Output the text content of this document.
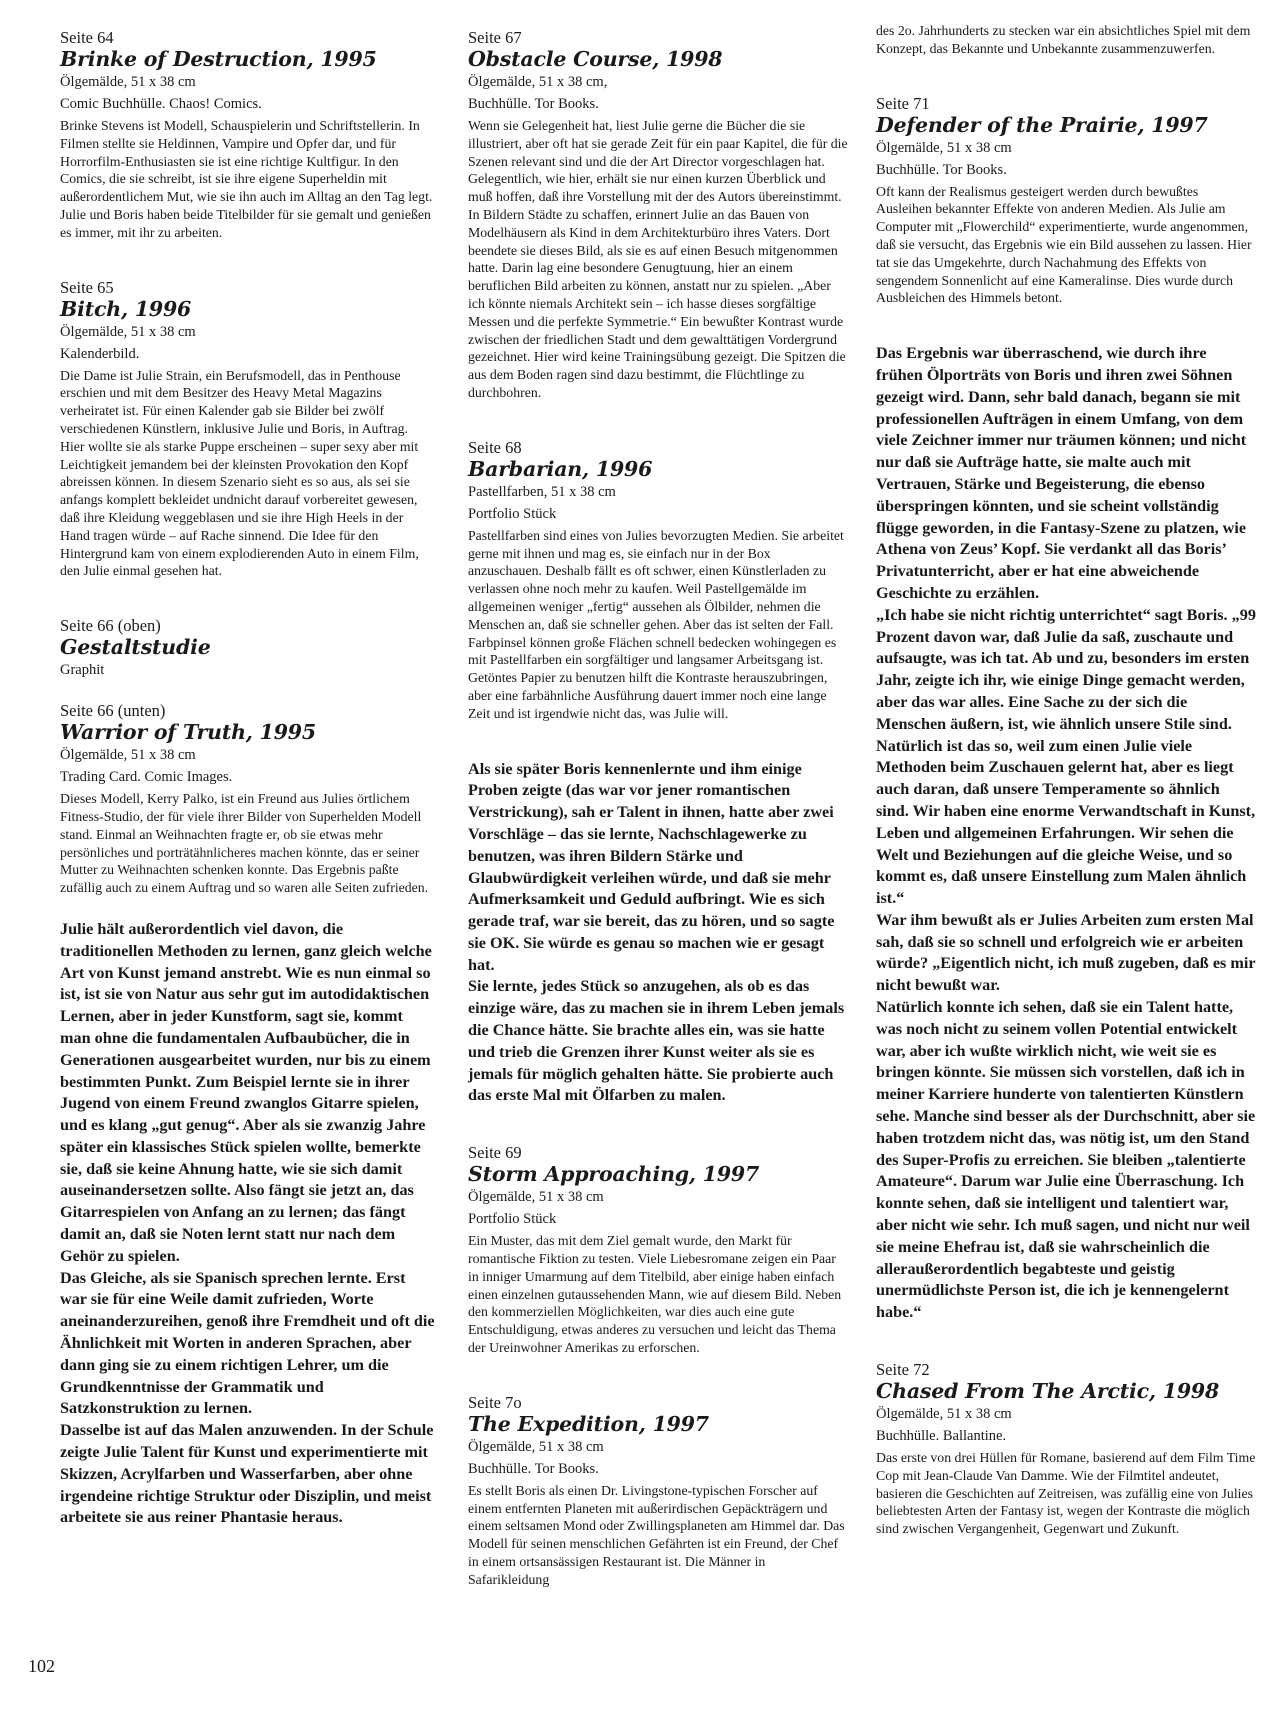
Seite 64
Brinke of Destruction, 1995
Ölgemälde, 51 x 38 cm
Comic Buchhülle. Chaos! Comics.
Brinke Stevens ist Modell, Schauspielerin und Schriftstellerin. In Filmen stellte sie Heldinnen, Vampire und Opfer dar, und für Horrorfilm-Enthusiasten sie ist eine richtige Kultfigur. In den Comics, die sie schreibt, ist sie ihre eigene Superheldin mit außerordentlichem Mut, wie sie ihn auch im Alltag an den Tag legt. Julie und Boris haben beide Titelbilder für sie gemalt und genießen es immer, mit ihr zu arbeiten.
Seite 65
Bitch, 1996
Ölgemälde, 51 x 38 cm
Kalenderbild.
Die Dame ist Julie Strain, ein Berufsmodell, das in Penthouse erschien und mit dem Besitzer des Heavy Metal Magazins verheiratet ist. Für einen Kalender gab sie Bilder bei zwölf verschiedenen Künstlern, inklusive Julie und Boris, in Auftrag. Hier wollte sie als starke Puppe erscheinen – super sexy aber mit Leichtigkeit jemandem bei der kleinsten Provokation den Kopf abreissen können. In diesem Szenario sieht es so aus, als sei sie anfangs komplett bekleidet undnicht darauf vorbereitet gewesen, daß ihre Kleidung weggeblasen und sie ihre High Heels in der Hand tragen würde – auf Rache sinnend. Die Idee für den Hintergrund kam von einem explodierenden Auto in einem Film, den Julie einmal gesehen hat.
Seite 66 (oben)
Gestaltstudie
Graphit
Seite 66 (unten)
Warrior of Truth, 1995
Ölgemälde, 51 x 38 cm
Trading Card. Comic Images.
Dieses Modell, Kerry Palko, ist ein Freund aus Julies örtlichem Fitness-Studio, der für viele ihrer Bilder von Superhelden Modell stand. Einmal an Weihnachten fragte er, ob sie etwas mehr persönliches und porträtähnlicheres machen könnte, das er seiner Mutter zu Weihnachten schenken konnte. Das Ergebnis paßte zufällig auch zu einem Auftrag und so waren alle Seiten zufrieden.

Julie hält außerordentlich viel davon, die traditionellen Methoden zu lernen, ganz gleich welche Art von Kunst jemand anstrebt. Wie es nun einmal so ist, ist sie von Natur aus sehr gut im autodidaktischen Lernen, aber in jeder Kunstform, sagt sie, kommt man ohne die fundamentalen Aufbaubücher, die in Generationen ausgearbeitet wurden, nur bis zu einem bestimmten Punkt. Zum Beispiel lernte sie in ihrer Jugend von einem Freund zwanglos Gitarre spielen, und es klang „gut genug“. Aber als sie zwanzig Jahre später ein klassisches Stück spielen wollte, bemerkte sie, daß sie keine Ahnung hatte, wie sie sich damit auseinandersetzen sollte. Also fängt sie jetzt an, das Gitarrespielen von Anfang an zu lernen; das fängt damit an, daß sie Noten lernt statt nur nach dem Gehör zu spielen.

Das Gleiche, als sie Spanisch sprechen lernte. Erst war sie für eine Weile damit zufrieden, Worte aneinanderzureihen, genoß ihre Fremdheit und oft die Ähnlichkeit mit Worten in anderen Sprachen, aber dann ging sie zu einem richtigen Lehrer, um die Grundkenntnisse der Grammatik und Satzkonstruktion zu lernen.

Dasselbe ist auf das Malen anzuwenden. In der Schule zeigte Julie Talent für Kunst und experimentierte mit Skizzen, Acrylfarben und Wasserfarben, aber ohne irgendeine richtige Struktur oder Disziplin, und meist arbeitete sie aus reiner Phantasie heraus.

Seite 67
Obstacle Course, 1998
Ölgemälde, 51 x 38 cm,
Buchhülle. Tor Books.
Wenn sie Gelegenheit hat, liest Julie gerne die Bücher die sie illustriert, aber oft hat sie gerade Zeit für ein paar Kapitel, die für die Szenen relevant sind und die der Art Director vorgeschlagen hat. Gelegentlich, wie hier, erhält sie nur einen kurzen Überblick und muß hoffen, daß ihre Vorstellung mit der des Autors übereinstimmt.
In Bildern Städte zu schaffen, erinnert Julie an das Bauen von Modelhäusern als Kind in dem Architekturbüro ihres Vaters. Dort beendete sie dieses Bild, als sie es auf einen Besuch mitgenommen hatte. Darin lag eine besondere Genugtuung, hier an einem beruflichen Bild arbeiten zu können, anstatt nur zu spielen. „Aber ich könnte niemals Architekt sein – ich hasse dieses sorgfältige Messen und die perfekte Symmetrie.“ Ein bewußter Kontrast wurde zwischen der friedlichen Stadt und dem gewalttätigen Vordergrund gezeichnet. Hier wird keine Trainingsübung gezeigt. Die Spitzen die aus dem Boden ragen sind dazu bestimmt, die Flüchtlinge zu durchbohren.
Seite 68
Barbarian, 1996
Pastellfarben, 51 x 38 cm
Portfolio Stück
Pastellfarben sind eines von Julies bevorzugten Medien. Sie arbeitet gerne mit ihnen und mag es, sie einfach nur in der Box anzuschauen. Deshalb fällt es oft schwer, einen Künstlerladen zu verlassen ohne noch mehr zu kaufen. Weil Pastellgemälde im allgemeinen weniger „fertig“ aussehen als Ölbilder, nehmen die Menschen an, daß sie schneller gehen. Aber das ist selten der Fall. Farbpinsel können große Flächen schnell bedecken wohingegen es mit Pastellfarben ein sorgfältiger und langsamer Arbeitsgang ist. Getöntes Papier zu benutzen hilft die Kontraste herauszubringen, aber eine farbähnliche Ausführung dauert immer noch eine lange Zeit und ist irgendwie nicht das, was Julie will.

Als sie später Boris kennenlernte und ihm einige Proben zeigte (das war vor jener romantischen Verstrickung), sah er Talent in ihnen, hatte aber zwei Vorschläge – das sie lernte, Nachschlagewerke zu benutzen, was ihren Bildern Stärke und Glaubwürdigkeit verleihen würde, und daß sie mehr Aufmerksamkeit und Geduld aufbringt. Wie es sich gerade traf, war sie bereit, das zu hören, und so sagte sie OK. Sie würde es genau so machen wie er gesagt hat.

Sie lernte, jedes Stück so anzugehen, als ob es das einzige wäre, das zu machen sie in ihrem Leben jemals die Chance hätte. Sie brachte alles ein, was sie hatte und trieb die Grenzen ihrer Kunst weiter als sie es jemals für möglich gehalten hätte. Sie probierte auch das erste Mal mit Ölfarben zu malen.

Seite 69
Storm Approaching, 1997
Ölgemälde, 51 x 38 cm
Portfolio Stück
Ein Muster, das mit dem Ziel gemalt wurde, den Markt für romantische Fiktion zu testen. Viele Liebesromane zeigen ein Paar in inniger Umarmung auf dem Titelbild, aber einige haben einfach einen einzelnen gutaussehenden Mann, wie auf diesem Bild. Neben den kommerziellen Möglichkeiten, war dies auch eine gute Entschuldigung, etwas anderes zu versuchen und leicht das Thema der Ureinwohner Amerikas zu erforschen.
Seite 7o
The Expedition, 1997
Ölgemälde, 51 x 38 cm
Buchhülle. Tor Books.
Es stellt Boris als einen Dr. Livingstone-typischen Forscher auf einem entfernten Planeten mit außerirdischen Gepäckträgern und einem seltsamen Mond oder Zwillingsplaneten am Himmel dar. Das Modell für seinen menschlichen Gefährten ist ein Freund, der Chef in einem ortsansässigen Restaurant ist. Die Männer in Safarikleidung
des 2o. Jahrhunderts zu stecken war ein absichtliches Spiel mit dem Konzept, das Bekannte und Unbekannte zusammenzuwerfen.
Seite 71
Defender of the Prairie, 1997
Ölgemälde, 51 x 38 cm
Buchhülle. Tor Books.
Oft kann der Realismus gesteigert werden durch bewußtes Ausleihen bekannter Effekte von anderen Medien. Als Julie am Computer mit „Flowerchild“ experimentierte, wurde angenommen, daß sie versucht, das Ergebnis wie ein Bild aussehen zu lassen. Hier tat sie das Umgekehrte, durch Nachahmung des Effekts von sengendem Sonnenlicht auf eine Kameralinse. Dies wurde durch Ausbleichen des Himmels betont.

Das Ergebnis war überraschend, wie durch ihre frühen Ölporträts von Boris und ihren zwei Söhnen gezeigt wird. Dann, sehr bald danach, begann sie mit professionellen Aufträgen in einem Umfang, von dem viele Zeichner immer nur träumen können; und nicht nur daß sie Aufträge hatte, sie malte auch mit Vertrauen, Stärke und Begeisterung, die ebenso überspringen könnten, und sie scheint vollständig flügge geworden, in die Fantasy-Szene zu platzen, wie Athena von Zeus’ Kopf. Sie verdankt all das Boris’ Privatunterricht, aber er hat eine abweichende Geschichte zu erzählen.

„Ich habe sie nicht richtig unterrichtet“ sagt Boris. „99 Prozent davon war, daß Julie da saß, zuschaute und aufsaugte, was ich tat. Ab und zu, besonders im ersten Jahr, zeigte ich ihr, wie einige Dinge gemacht werden, aber das war alles. Eine Sache zu der sich die Menschen äußern, ist, wie ähnlich unsere Stile sind.

Natürlich ist das so, weil zum einen Julie viele Methoden beim Zuschauen gelernt hat, aber es liegt auch daran, daß unsere Temperamente so ähnlich sind. Wir haben eine enorme Verwandtschaft in Kunst, Leben und allgemeinen Erfahrungen. Wir sehen die Welt und Beziehungen auf die gleiche Weise, und so kommt es, daß unsere Einstellung zum Malen ähnlich ist.“

War ihm bewußt als er Julies Arbeiten zum ersten Mal sah, daß sie so schnell und erfolgreich wie er arbeiten würde? „Eigentlich nicht, ich muß zugeben, daß es mir nicht bewußt war.

Natürlich konnte ich sehen, daß sie ein Talent hatte, was noch nicht zu seinem vollen Potential entwickelt war, aber ich wußte wirklich nicht, wie weit sie es bringen könnte. Sie müssen sich vorstellen, daß ich in meiner Karriere hunderte von talentierten Künstlern sehe. Manche sind besser als der Durchschnitt, aber sie haben trotzdem nicht das, was nötig ist, um den Stand des Super-Profis zu erreichen. Sie bleiben „talentierte Amateure“. Darum war Julie eine Überraschung. Ich konnte sehen, daß sie intelligent und talentiert war, aber nicht wie sehr. Ich muß sagen, und nicht nur weil sie meine Ehefrau ist, daß sie wahrscheinlich die alleraußerordentlich begabteste und geistig unermüdlichste Person ist, die ich je kennengelernt habe.“

Seite 72
Chased From The Arctic, 1998
Ölgemälde, 51 x 38 cm
Buchhülle. Ballantine.
Das erste von drei Hüllen für Romane, basierend auf dem Film Time Cop mit Jean-Claude Van Damme. Wie der Filmtitel andeutet, basieren die Geschichten auf Zeitreisen, was zufällig eine von Julies beliebtesten Arten der Fantasy ist, wegen der Kontraste die möglich sind zwischen Vergangenheit, Gegenwart und Zukunft.
102
